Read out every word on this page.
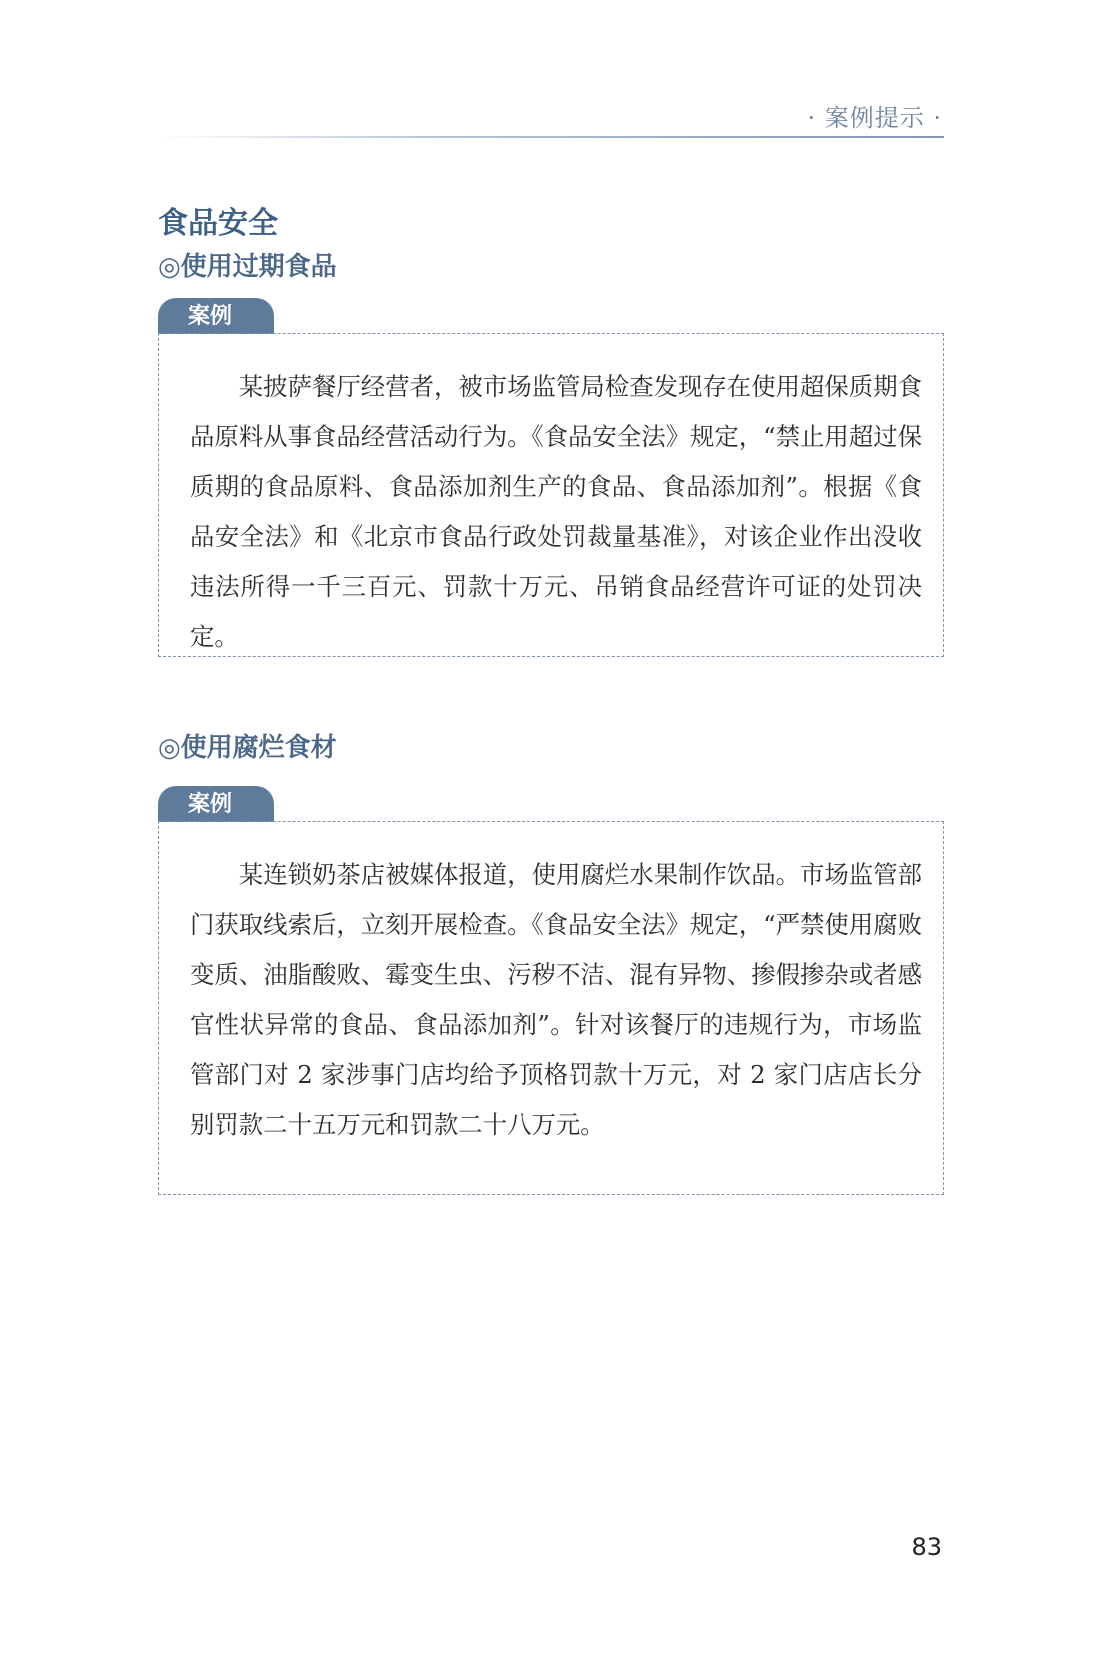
· 案例提示 ·
食品安全
◎使用过期食品
案例

某披萨餐厅经营者，被市场监管局检查发现存在使用超保质期食品原料从事食品经营活动行为。《食品安全法》规定，“禁止用超过保质期的食品原料、食品添加剂生产的食品、食品添加剂”。根据《食品安全法》和《北京市食品行政处罚裁量基准》，对该企业作出没收违法所得一千三百元、罚款十万元、吊销食品经营许可证的处罚决定。

◎使用腐烂食材
案例

某连锁奶茶店被媒体报道，使用腐烂水果制作饮品。市场监管部门获取线索后，立刻开展检查。《食品安全法》规定，“严禁使用腐败变质、油脂酸败、霉变生虫、污秽不洁、混有异物、掺假掺杂或者感官性状异常的食品、食品添加剂”。针对该餐厅的违规行为，市场监管部门对 2 家涉事门店均给予顶格罚款十万元，对 2 家门店店长分别罚款二十五万元和罚款二十八万元。

83
